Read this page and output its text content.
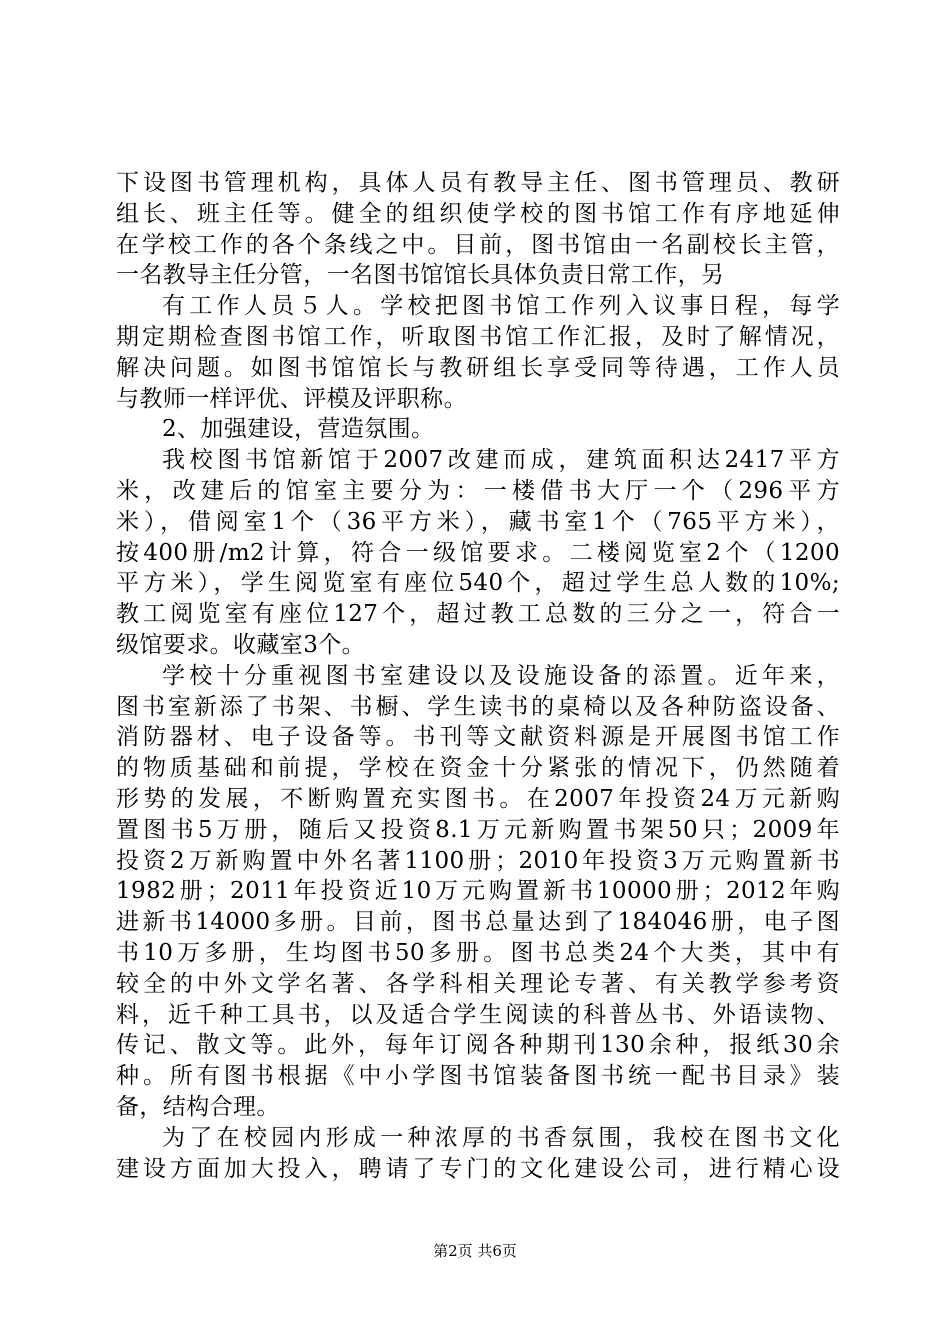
下设图书管理机构，具体人员有教导主任、图书管理员、教研
组长、班主任等。健全的组织使学校的图书馆工作有序地延伸
在学校工作的各个条线之中。目前，图书馆由一名副校长主管，
一名教导主任分管，一名图书馆馆长具体负责日常工作，另
有工作人员５人。学校把图书馆工作列入议事日程，每学
期定期检查图书馆工作，听取图书馆工作汇报，及时了解情况，
解决问题。如图书馆馆长与教研组长享受同等待遇，工作人员
与教师一样评优、评模及评职称。
2、加强建设，营造氛围。
我校图书馆新馆于2007改建而成，建筑面积达2417平方
米，改建后的馆室主要分为：一楼借书大厅一个（296平方
米），借阅室1个（36平方米），藏书室1个（765平方米），
按400册/m2计算，符合一级馆要求。二楼阅览室2个（1200
平方米），学生阅览室有座位540个，超过学生总人数的10%;
教工阅览室有座位127个，超过教工总数的三分之一，符合一
级馆要求。收藏室3个。
学校十分重视图书室建设以及设施设备的添置。近年来，
图书室新添了书架、书橱、学生读书的桌椅以及各种防盗设备、
消防器材、电子设备等。书刊等文献资料源是开展图书馆工作
的物质基础和前提，学校在资金十分紧张的情况下，仍然随着
形势的发展，不断购置充实图书。在2007年投资24万元新购
置图书5万册，随后又投资8.1万元新购置书架50只；2009年
投资2万新购置中外名著1100册；2010年投资3万元购置新书
1982册；2011年投资近10万元购置新书10000册；2012年购
进新书14000多册。目前，图书总量达到了184046册，电子图
书10万多册，生均图书50多册。图书总类24个大类，其中有
较全的中外文学名著、各学科相关理论专著、有关教学参考资
料，近千种工具书，以及适合学生阅读的科普丛书、外语读物、
传记、散文等。此外，每年订阅各种期刊130余种，报纸30余
种。所有图书根据《中小学图书馆装备图书统一配书目录》装
备，结构合理。
为了在校园内形成一种浓厚的书香氛围，我校在图书文化
建设方面加大投入，聘请了专门的文化建设公司，进行精心设
第2页 共6页
